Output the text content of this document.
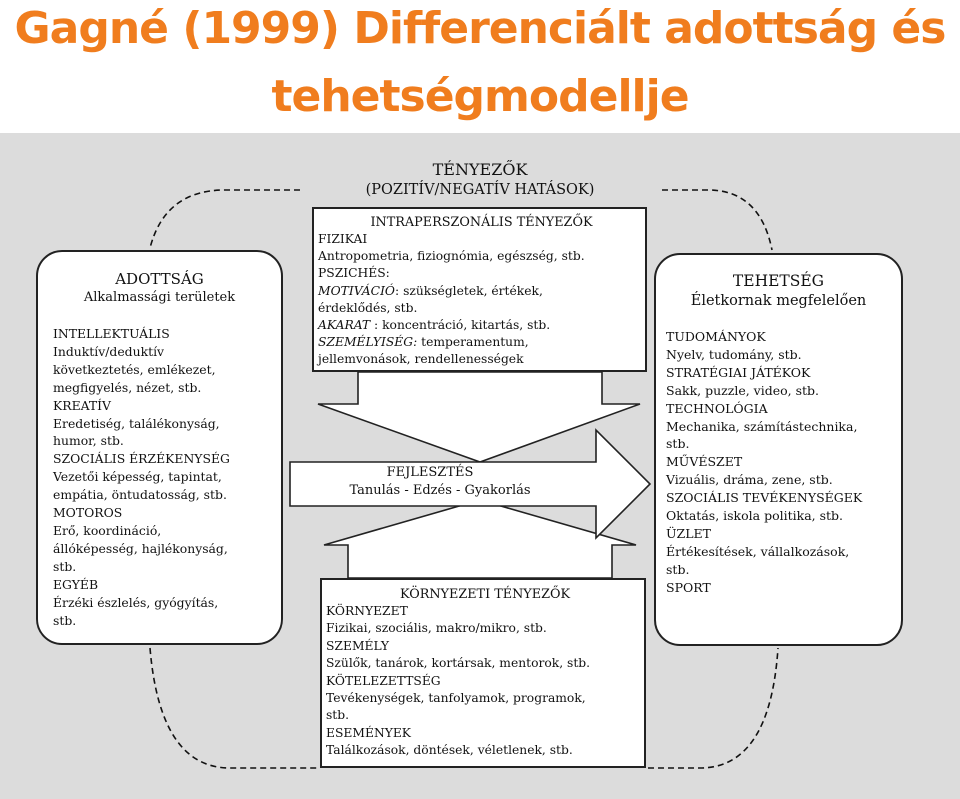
Gagné (1999) Differenciált adottság és
tehetségmodellje
TÉNYEZŐK
(POZITÍV/NEGATÍV HATÁSOK)
ADOTTSÁG
Alkalmassági területek
INTELLEKTUÁLIS
Induktív/deduktív
következtetés, emlékezet,
megfigyelés, nézet, stb.
KREATÍV
Eredetiség, találékonyság,
humor, stb.
SZOCIÁLIS ÉRZÉKENYSÉG
Vezetői képesség, tapintat,
empátia, öntudatosság, stb.
MOTOROS
Erő, koordináció,
állóképesség, hajlékonyság,
stb.
EGYÉB
Érzéki észlelés, gyógyítás,
stb.
TEHETSÉG
Életkornak megfelelően
TUDOMÁNYOK
Nyelv, tudomány, stb.
STRATÉGIAI JÁTÉKOK
Sakk, puzzle, video, stb.
TECHNOLÓGIA
Mechanika, számítástechnika,
stb.
MŰVÉSZET
Vizuális, dráma, zene, stb.
SZOCIÁLIS TEVÉKENYSÉGEK
Oktatás, iskola politika, stb.
ÜZLET
Értékesítések, vállalkozások,
stb.
SPORT
INTRAPERSZONÁLIS TÉNYEZŐK
FIZIKAI
Antropometria, fiziognómia, egészség, stb.
PSZICHÉS:
MOTIVÁCIÓ: szükségletek, értékek,
érdeklődés, stb.
AKARAT : koncentráció, kitartás, stb.
SZEMÉLYISÉG: temperamentum,
jellemvonások, rendellenességek
FEJLESZTÉS
Tanulás - Edzés - Gyakorlás
KÖRNYEZETI TÉNYEZŐK
KÖRNYEZET
Fizikai, szociális, makro/mikro, stb.
SZEMÉLY
Szülők, tanárok, kortársak, mentorok, stb.
KÖTELEZETTSÉG
Tevékenységek, tanfolyamok, programok,
stb.
ESEMÉNYEK
Találkozások, döntések, véletlenek, stb.
